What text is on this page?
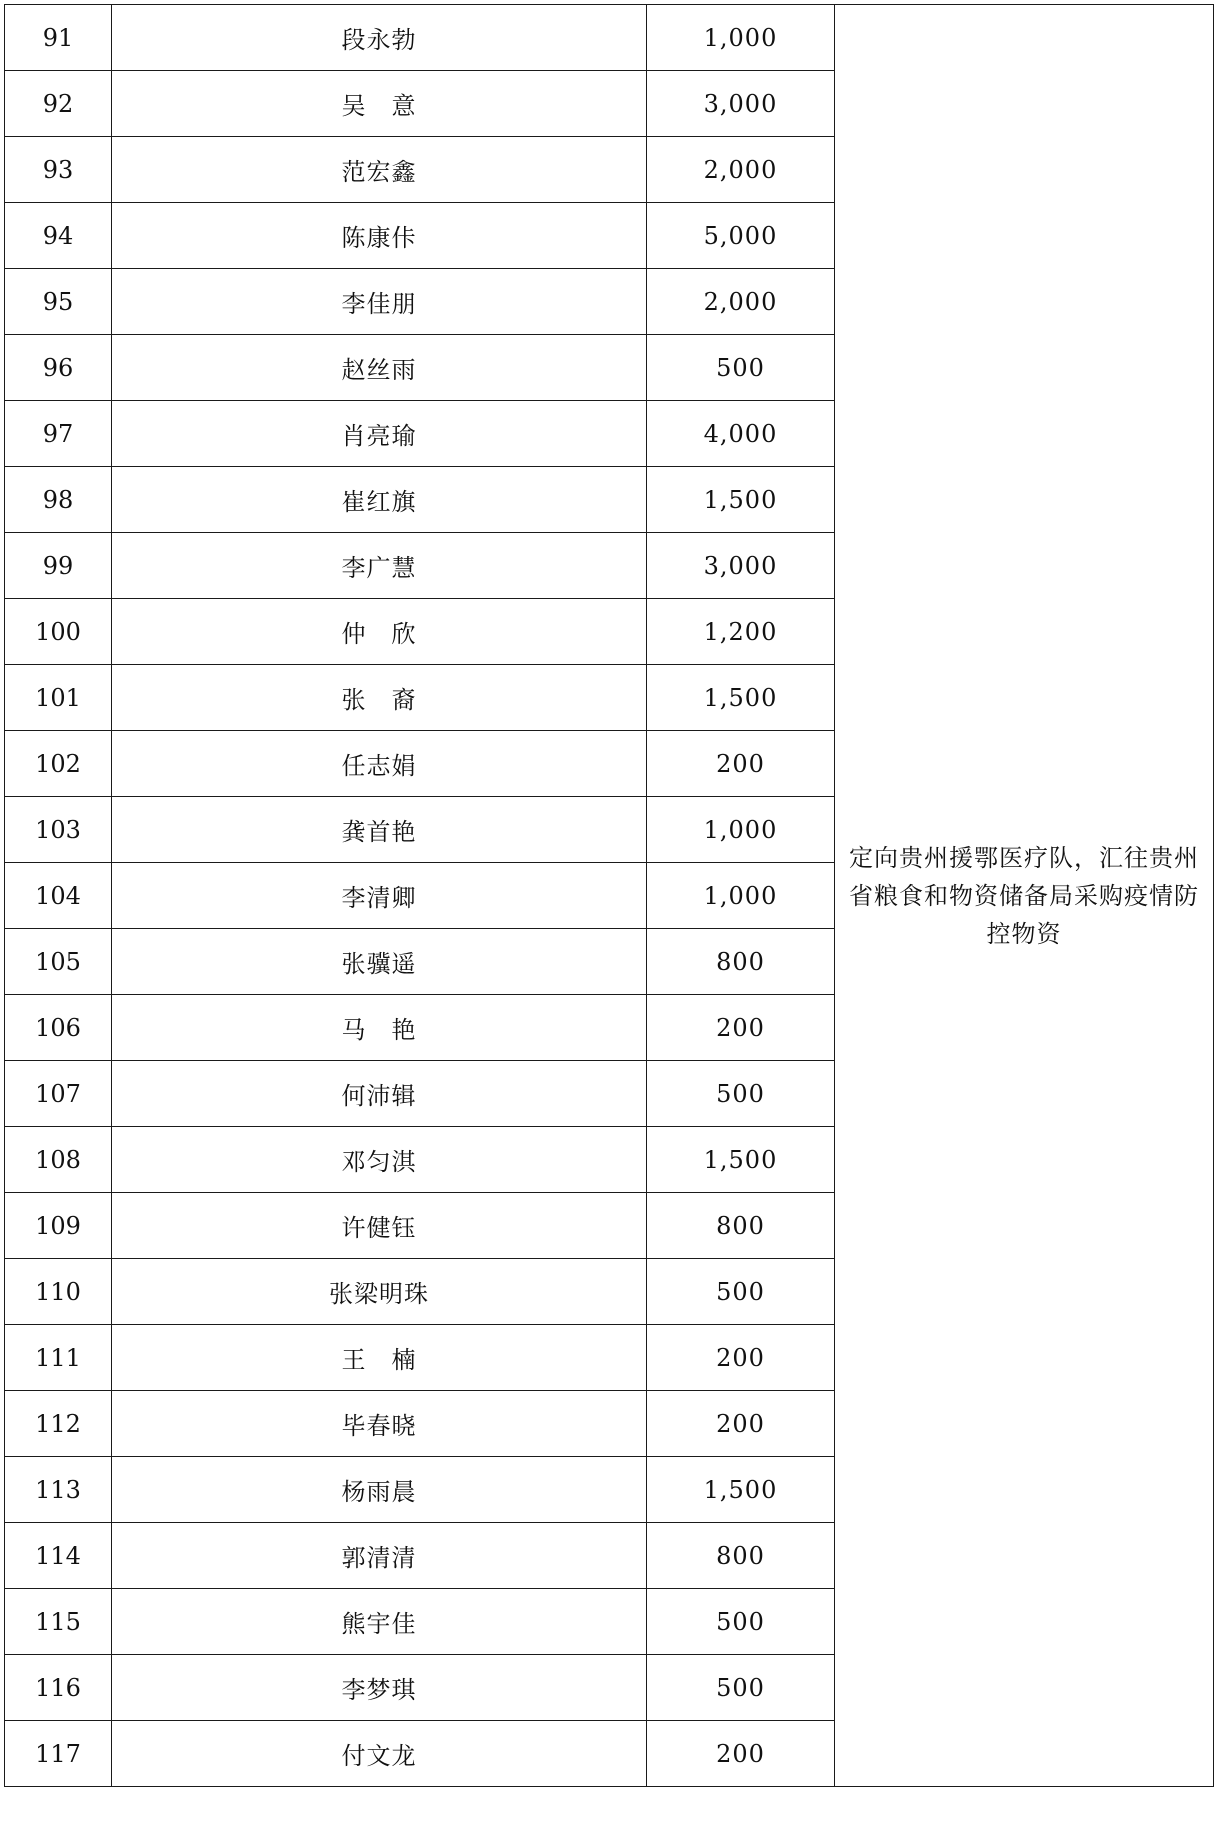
91	段永勃	1,000	定向贵州援鄂医疗队，汇往贵州省粮食和物资储备局采购疫情防控物资
92	吴　意	3,000	
93	范宏鑫	2,000	
94	陈康佧	5,000	
95	李佳朋	2,000	
96	赵丝雨	500	
97	肖亮瑜	4,000	
98	崔红旗	1,500	
99	李广慧	3,000	
100	仲　欣	1,200	
101	张　裔	1,500	
102	任志娟	200	
103	龚首艳	1,000	
104	李清卿	1,000	
105	张骥遥	800	
106	马　艳	200	
107	何沛辑	500	
108	邓匀淇	1,500	
109	许健钰	800	
110	张梁明珠	500	
111	王　楠	200	
112	毕春晓	200	
113	杨雨晨	1,500	
114	郭清清	800	
115	熊宇佳	500	
116	李梦琪	500	
117	付文龙	200	
